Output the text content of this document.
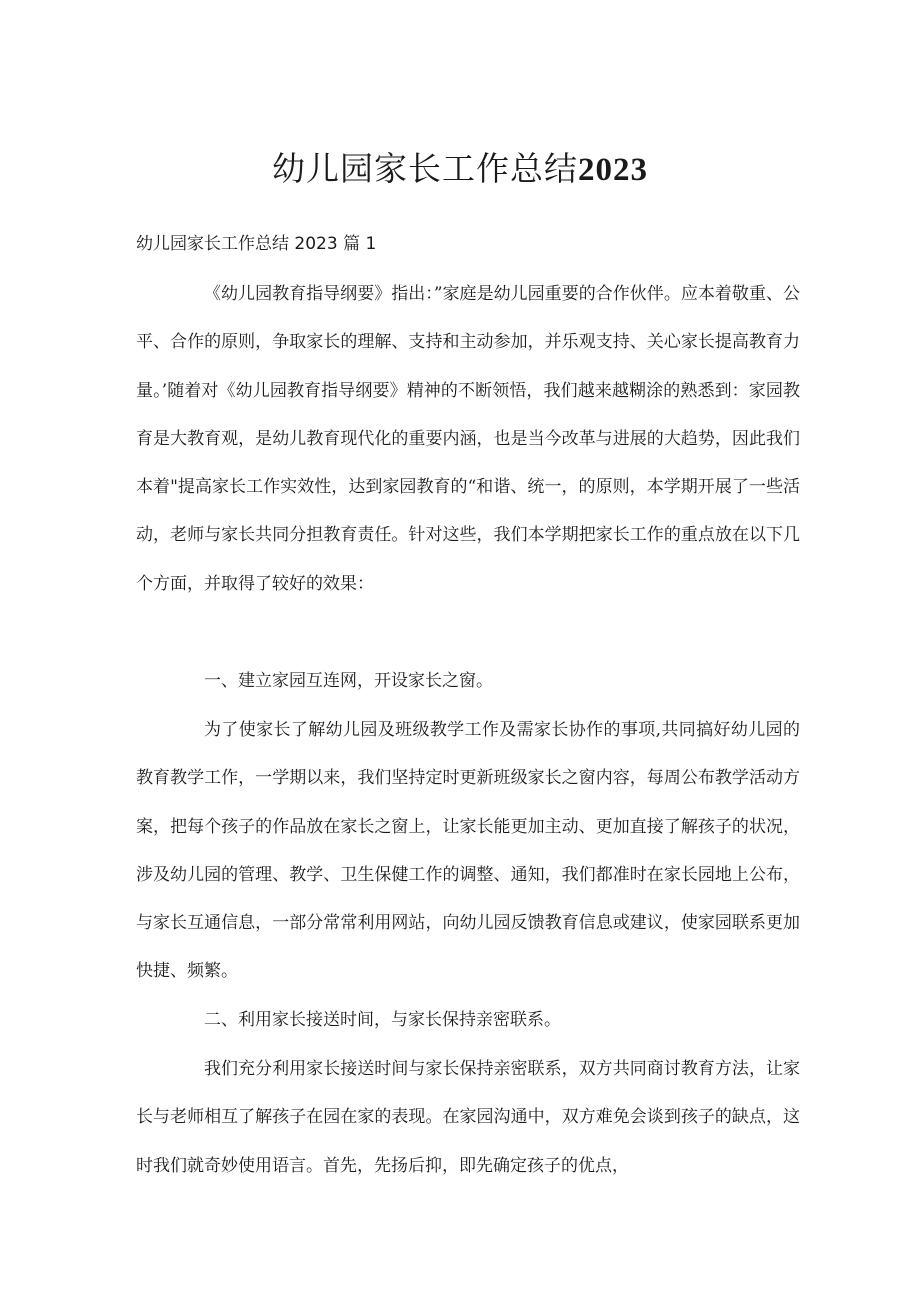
幼儿园家长工作总结2023

幼儿园家长工作总结 2023 篇 1

《幼儿园教育指导纲要》指出：”家庭是幼儿园重要的合作伙伴。应本着敬重、公平、合作的原则，争取家长的理解、支持和主动参加，并乐观支持、关心家长提高教育力量。’随着对《幼儿园教育指导纲要》精神的不断领悟，我们越来越糊涂的熟悉到：家园教育是大教育观，是幼儿教育现代化的重要内涵，也是当今改革与进展的大趋势，因此我们本着"提高家长工作实效性，达到家园教育的“和谐、统一，的原则，本学期开展了一些活动，老师与家长共同分担教育责任。针对这些，我们本学期把家长工作的重点放在以下几个方面，并取得了较好的效果：

一、建立家园互连网，开设家长之窗。

为了使家长了解幼儿园及班级教学工作及需家长协作的事项,共同搞好幼儿园的教育教学工作，一学期以来，我们坚持定时更新班级家长之窗内容，每周公布教学活动方案，把每个孩子的作品放在家长之窗上，让家长能更加主动、更加直接了解孩子的状况，涉及幼儿园的管理、教学、卫生保健工作的调整、通知，我们都准时在家长园地上公布，与家长互通信息，一部分常常利用网站，向幼儿园反馈教育信息或建议，使家园联系更加快捷、频繁。

二、利用家长接送时间，与家长保持亲密联系。

我们充分利用家长接送时间与家长保持亲密联系，双方共同商讨教育方法，让家长与老师相互了解孩子在园在家的表现。在家园沟通中，双方难免会谈到孩子的缺点，这时我们就奇妙使用语言。首先，先扬后抑，即先确定孩子的优点，
